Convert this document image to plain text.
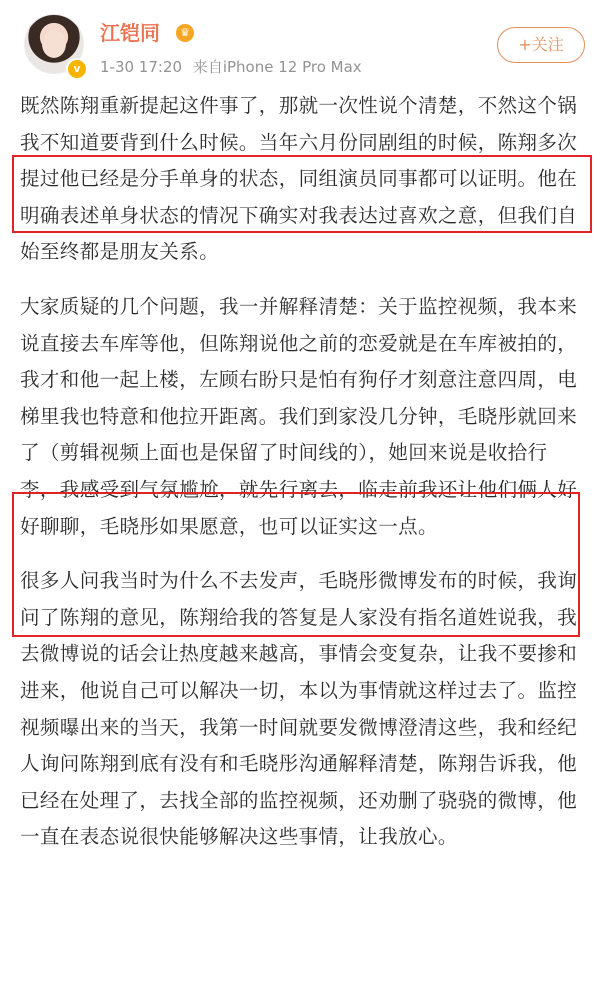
v
江铠同	♛
1-30 17:20 来自iPhone 12 Pro Max
+关注

既然陈翔重新提起这件事了，那就一次性说个清楚，不然这个锅我不知道要背到什么时候。当年六月份同剧组的时候，陈翔多次提过他已经是分手单身的状态，同组演员同事都可以证明。他在明确表述单身状态的情况下确实对我表达过喜欢之意，但我们自始至终都是朋友关系。

大家质疑的几个问题，我一并解释清楚：关于监控视频，我本来说直接去车库等他，但陈翔说他之前的恋爱就是在车库被拍的，我才和他一起上楼，左顾右盼只是怕有狗仔才刻意注意四周，电梯里我也特意和他拉开距离。我们到家没几分钟，毛晓彤就回来了（剪辑视频上面也是保留了时间线的），她回来说是收拾行李，我感受到气氛尴尬，就先行离去，临走前我还让他们俩人好好聊聊，毛晓彤如果愿意，也可以证实这一点。

很多人问我当时为什么不去发声，毛晓彤微博发布的时候，我询问了陈翔的意见，陈翔给我的答复是人家没有指名道姓说我，我去微博说的话会让热度越来越高，事情会变复杂，让我不要掺和进来，他说自己可以解决一切，本以为事情就这样过去了。监控视频曝出来的当天，我第一时间就要发微博澄清这些，我和经纪人询问陈翔到底有没有和毛晓彤沟通解释清楚，陈翔告诉我，他已经在处理了，去找全部的监控视频，还劝删了骁骁的微博，他一直在表态说很快能够解决这些事情，让我放心。
